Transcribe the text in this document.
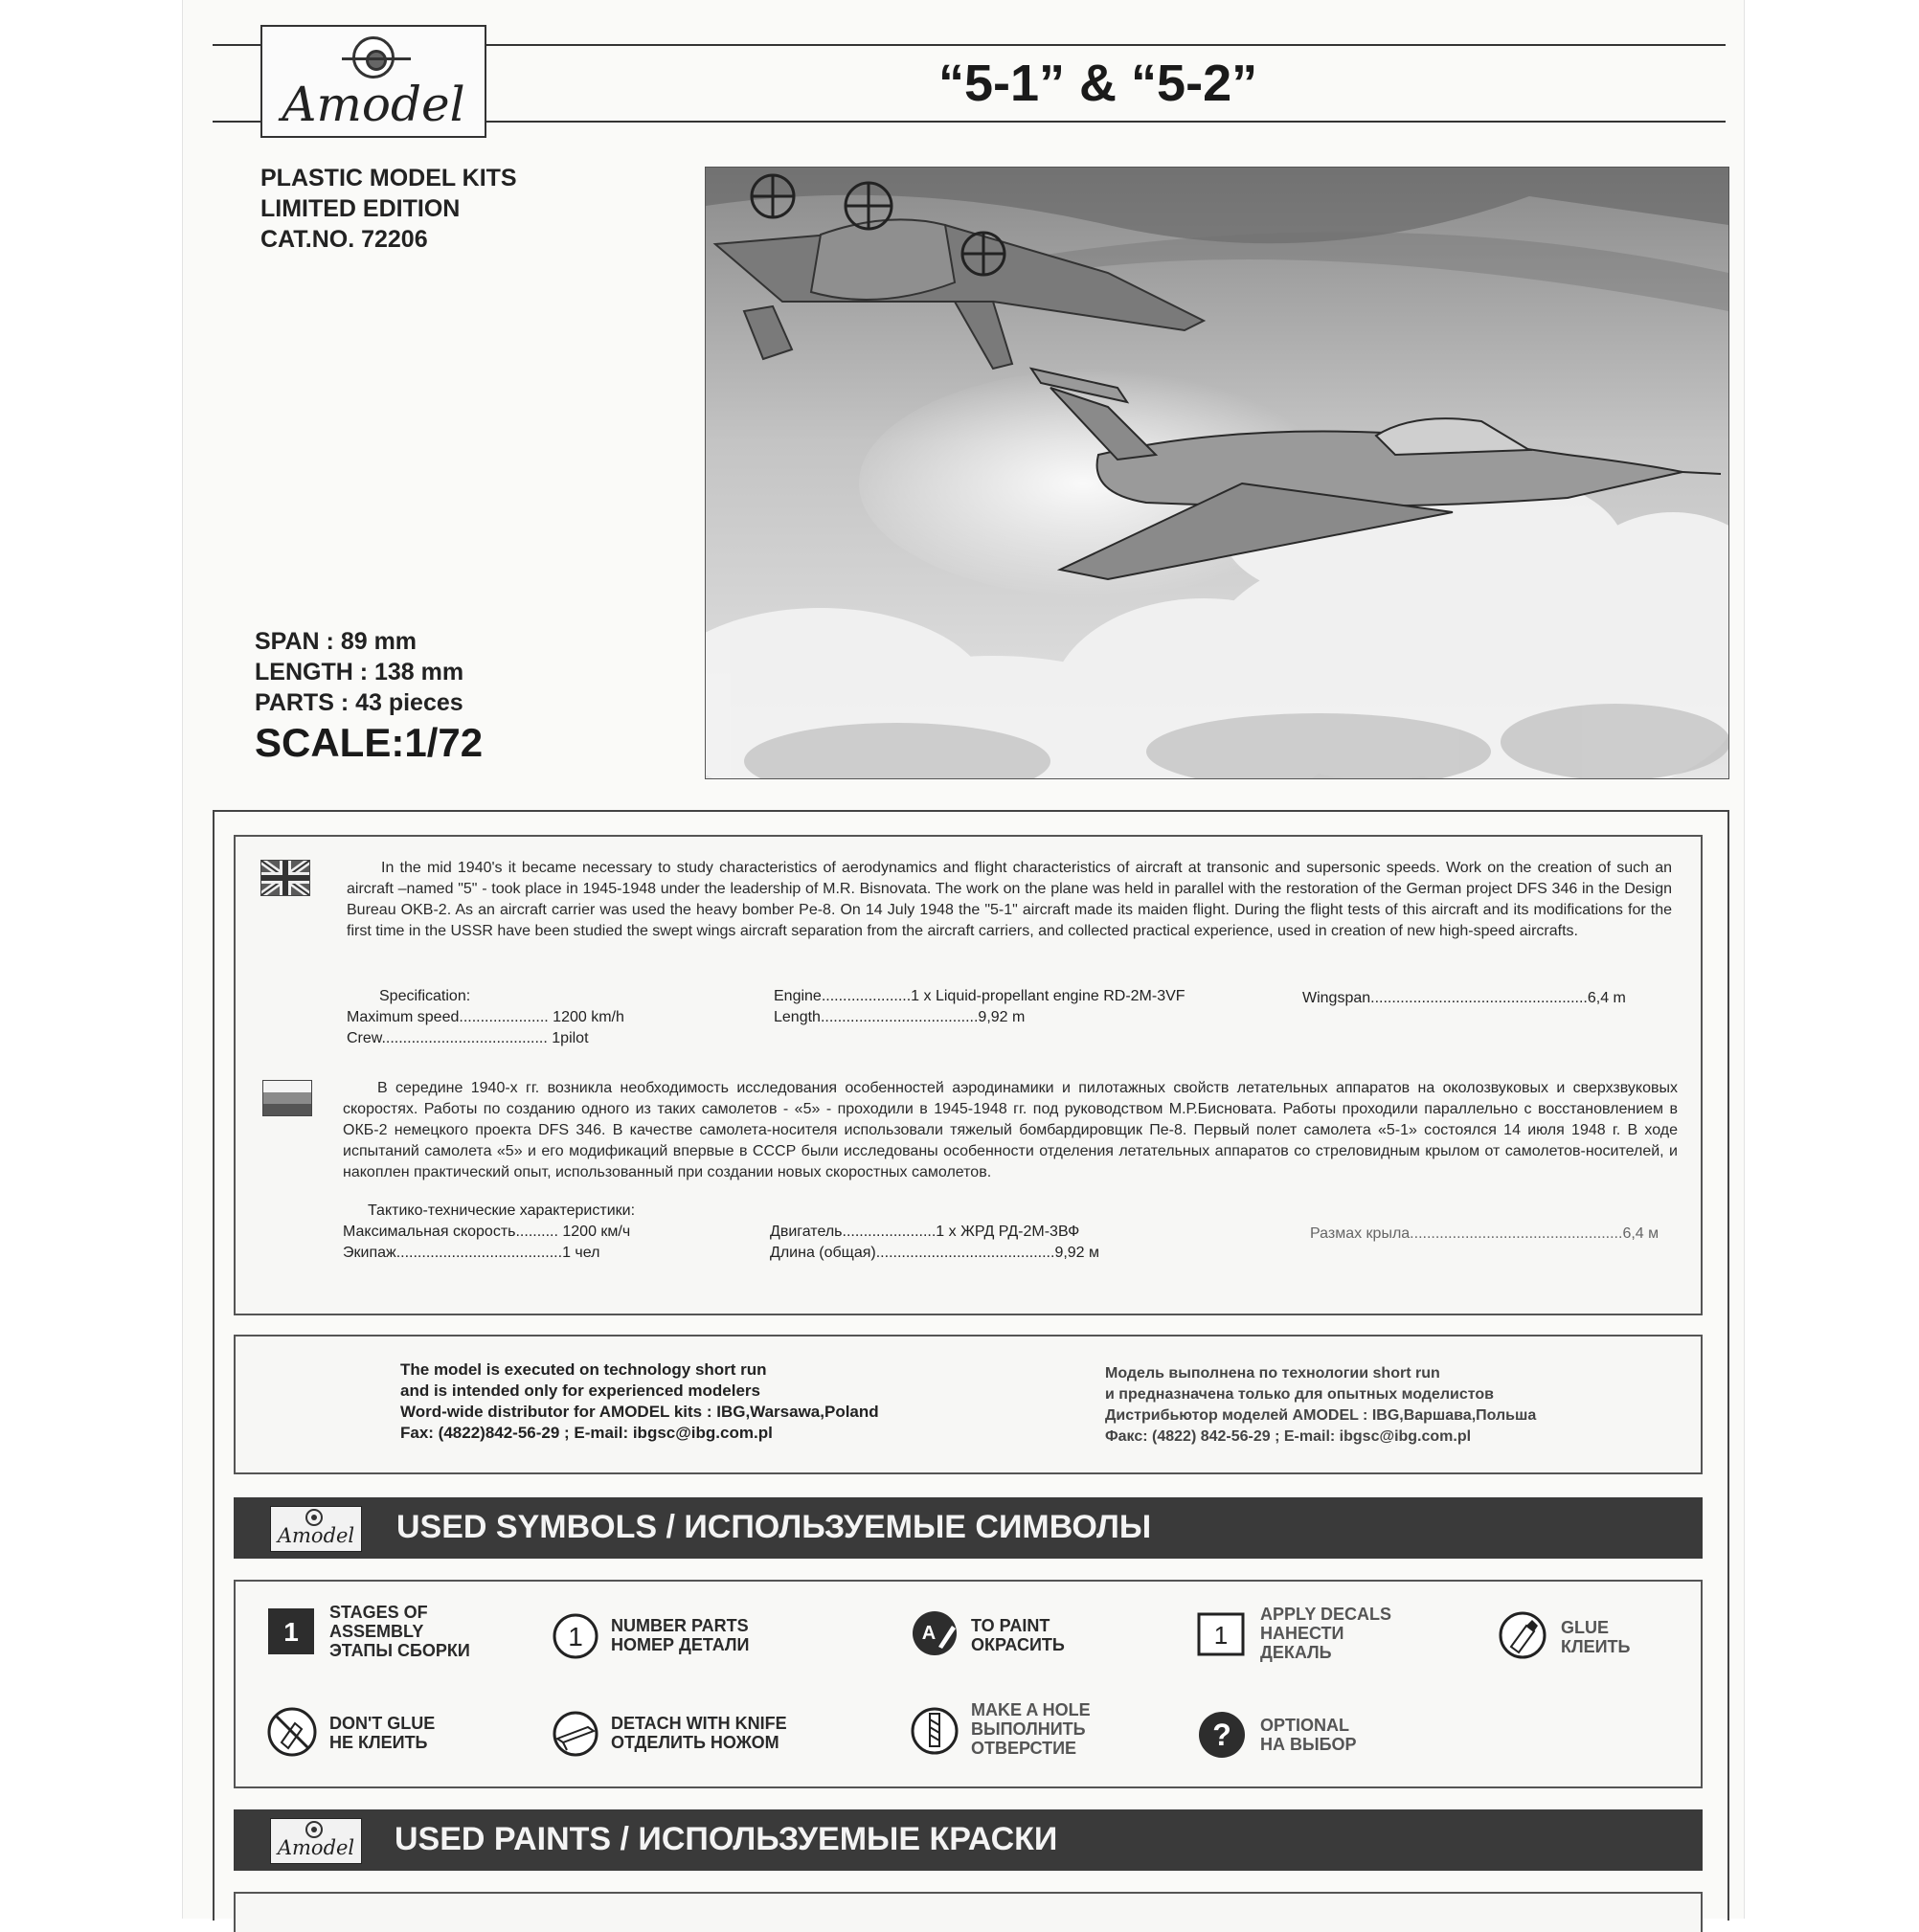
Amodel	“5-1” & “5-2”
PLASTIC MODEL KITS
LIMITED EDITION
CAT.NO. 72206
SPAN : 89 mm
LENGTH : 138 mm
PARTS : 43 pieces
SCALE:1/72
In the mid 1940's it became necessary to study characteristics of aerodynamics and flight characteristics of aircraft at transonic and supersonic speeds. Work on the creation of such an aircraft –named "5" - took place in 1945-1948 under the leadership of M.R. Bisnovata. The work on the plane was held in parallel with the restoration of the German project DFS 346 in the Design Bureau OKB-2. As an aircraft carrier was used the heavy bomber Pe-8. On 14 July 1948 the "5-1" aircraft made its maiden flight. During the flight tests of this aircraft and its modifications for the first time in the USSR have been studied the swept wings aircraft separation from the aircraft carriers, and collected practical experience, used in creation of new high-speed aircrafts.
Specification:
Maximum speed..................... 1200 km/h
Crew....................................... 1pilot
Engine.....................1 x Liquid-propellant engine RD-2M-3VF
Length.....................................9,92 m
Wingspan...................................................6,4 m
В середине 1940-х гг. возникла необходимость исследования особенностей аэродинамики и пилотажных свойств летательных аппаратов на околозвуковых и сверхзвуковых скоростях. Работы по созданию одного из таких самолетов - «5» - проходили в 1945-1948 гг. под руководством М.Р.Бисновата. Работы проходили параллельно с восстановлением в ОКБ-2 немецкого проекта DFS 346. В качестве самолета-носителя использовали тяжелый бомбардировщик Пе-8. Первый полет самолета «5-1» состоялся 14 июля 1948 г. В ходе испытаний самолета «5» и его модификаций впервые в СССР были исследованы особенности отделения летательных аппаратов со стреловидным крылом от самолетов-носителей, и накоплен практический опыт, использованный при создании новых скоростных самолетов.
Тактико-технические характеристики:
Максимальная скорость.......... 1200 км/ч
Экипаж.......................................1 чел
Двигатель......................1 x ЖРД РД-2М-3ВФ
Длина (общая)..........................................9,92 м
Размах крыла..................................................6,4 м
The model is executed on technology short run
and is intended only for experienced modelers
Word-wide distributor for AMODEL kits : IBG,Warsawa,Poland
Fax: (4822)842-56-29 ; E-mail: ibgsc@ibg.com.pl
Модель выполнена по технологии short run
и предназначена только для опытных моделистов
Дистрибьютор моделей AMODEL : IBG,Варшава,Польша
Факс: (4822) 842-56-29 ; E-mail: ibgsc@ibg.com.pl
Amodel USED SYMBOLS / ИСПОЛЬЗУЕМЫЕ СИМВОЛЫ
1
STAGES OF
ASSEMBLY
ЭТАПЫ СБОРКИ	1 NUMBER PARTS
НОМЕР ДЕТАЛИ
A TO PAINT
ОКРАСИТЬ	1
APPLY DECALS
НАНЕСТИ
ДЕКАЛЬ
GLUE
КЛЕИТЬ
DON'T GLUE
НЕ КЛЕИТЬ
DETACH WITH KNIFE
ОТДЕЛИТЬ НОЖОМ
MAKE A HOLE
ВЫПОЛНИТЬ
ОТВЕРСТИЕ	? OPTIONAL
НА ВЫБОР
Amodel USED PAINTS / ИСПОЛЬЗУЕМЫЕ КРАСКИ
